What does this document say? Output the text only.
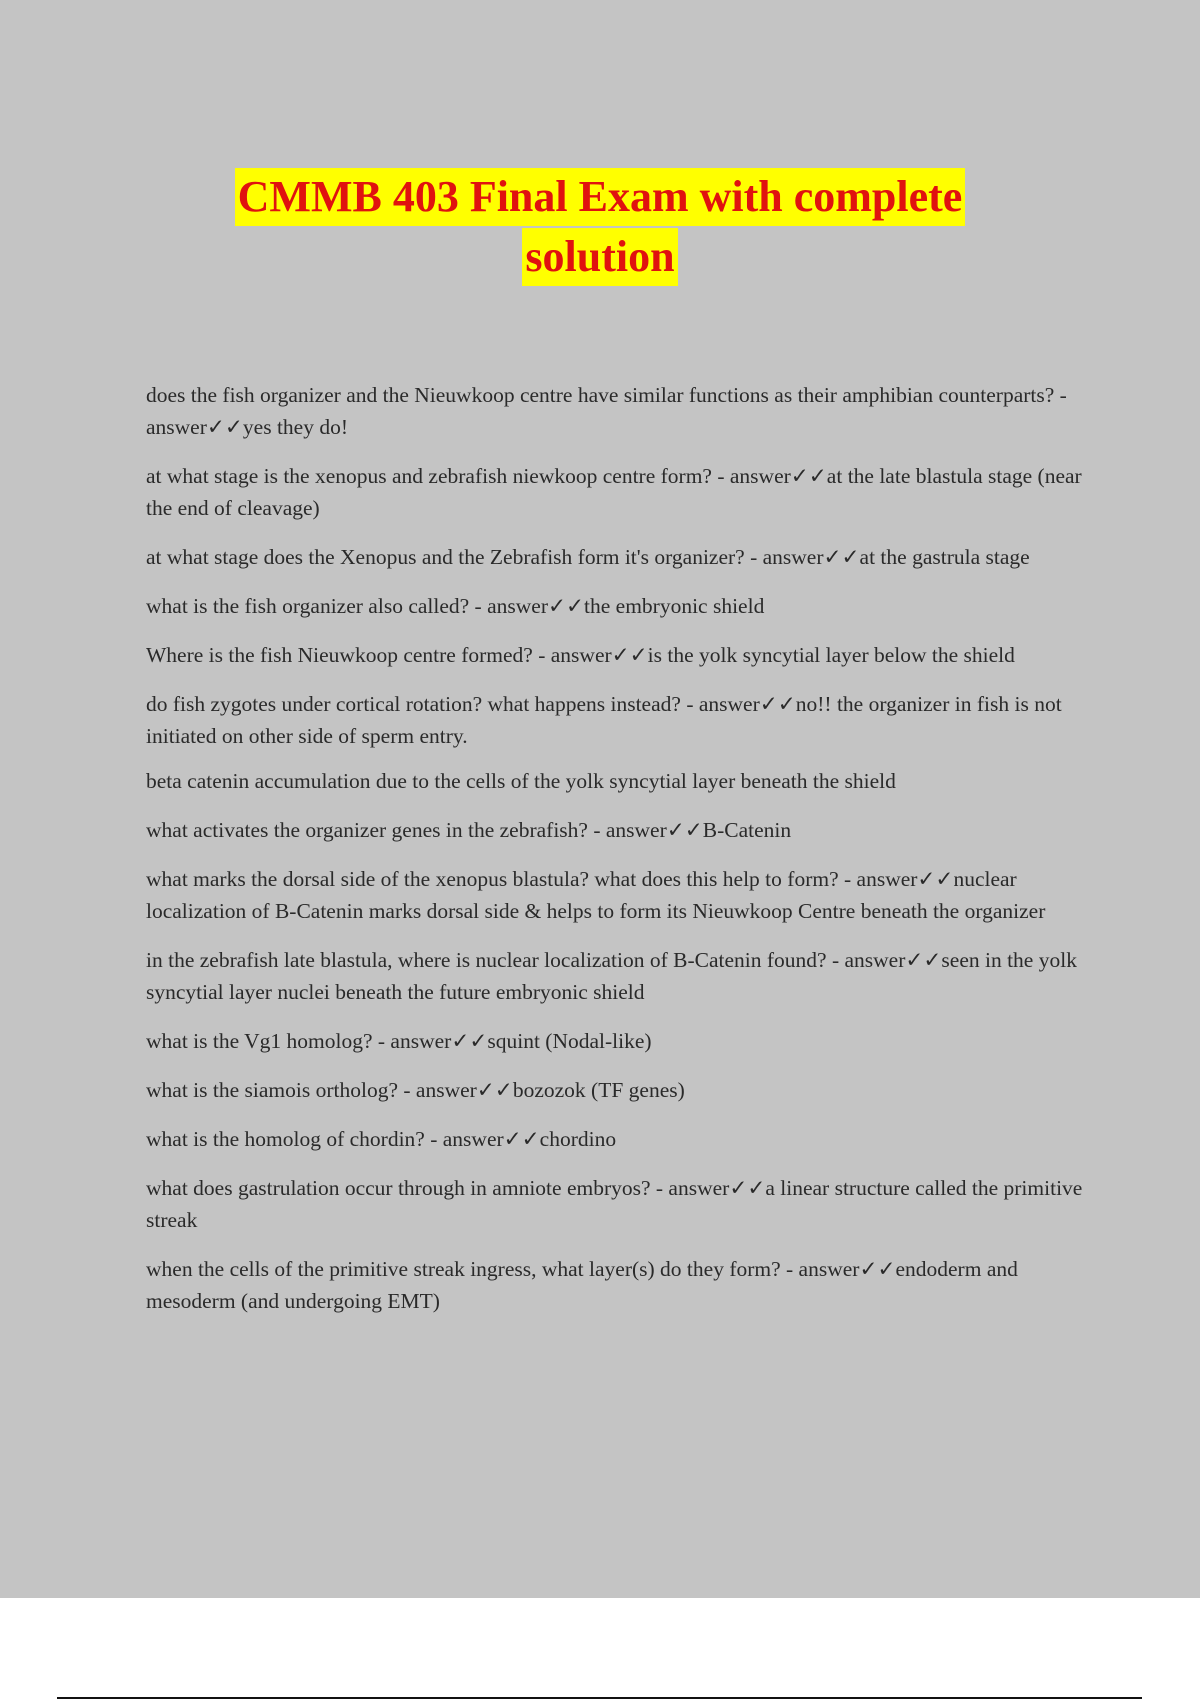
CMMB 403 Final Exam with complete
solution
does the fish organizer and the Nieuwkoop centre have similar functions as their amphibian counterparts? - answer✓✓yes they do!
at what stage is the xenopus and zebrafish niewkoop centre form? - answer✓✓at the late blastula stage (near the end of cleavage)
at what stage does the Xenopus and the Zebrafish form it's organizer? - answer✓✓at the gastrula stage
what is the fish organizer also called? - answer✓✓the embryonic shield
Where is the fish Nieuwkoop centre formed? - answer✓✓is the yolk syncytial layer below the shield
do fish zygotes under cortical rotation? what happens instead? - answer✓✓no!! the organizer in fish is not initiated on other side of sperm entry.
beta catenin accumulation due to the cells of the yolk syncytial layer beneath the shield
what activates the organizer genes in the zebrafish? - answer✓✓B-Catenin
what marks the dorsal side of the xenopus blastula? what does this help to form? - answer✓✓nuclear localization of B-Catenin marks dorsal side & helps to form its Nieuwkoop Centre beneath the organizer
in the zebrafish late blastula, where is nuclear localization of B-Catenin found? - answer✓✓seen in the yolk syncytial layer nuclei beneath the future embryonic shield
what is the Vg1 homolog? - answer✓✓squint (Nodal-like)
what is the siamois ortholog? - answer✓✓bozozok (TF genes)
what is the homolog of chordin? - answer✓✓chordino
what does gastrulation occur through in amniote embryos? - answer✓✓a linear structure called the primitive streak
when the cells of the primitive streak ingress, what layer(s) do they form? - answer✓✓endoderm and mesoderm (and undergoing EMT)
